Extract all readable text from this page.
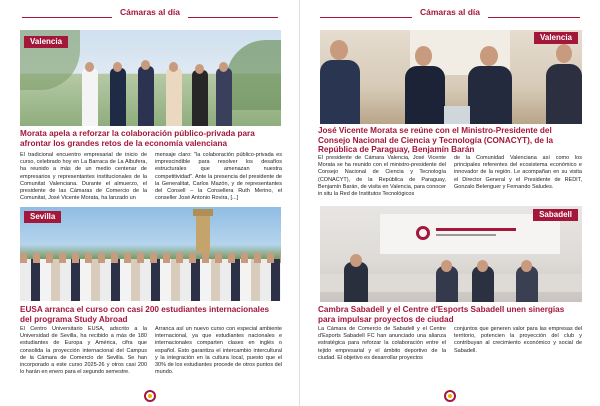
Cámaras al día
Valencia
Morata apela a reforzar la colaboración público-privada para afrontar los grandes retos de la economía valenciana
El tradicional encuentro empresarial de inicio de curso, celebrado hoy en La Barraca de La Albufera, ha reunido a más de un medio centenar de empresarios y representantes institucionales de la Comunitat Valenciana. Durante el almuerzo, el presidente de las Cámaras de Comercio de la Comunitat, José Vicente Morata, ha lanzado un
mensaje claro: "la colaboración público-privada es imprescindible para resolver los desafíos estructurales que amenazan nuestra competitividad". Ante la presencia del presidente de la Generalitat, Carlos Mazón, y de representantes del Consell – la Consellera Ruth Merino, el conseller José Antonio Rovira, [...]
Sevilla
EUSA arranca el curso con casi 200 estudiantes internacionales del programa Study Abroad
El Centro Universitario EUSA, adscrito a la Universidad de Sevilla, ha recibido a más de 180 estudiantes de Europa y América, cifra que consolida la proyección internacional del Campus de la Cámara de Comercio de Sevilla. Se han incorporado a este curso 2025-26 y otros casi 200 lo harán en enero para el segundo semestre.
Arranca así un nuevo curso con especial ambiente internacional, ya que estudiantes nacionales e internacionales comparten clases en inglés o español. Esto garantiza el intercambio intercultural y la integración en la cultura local, puesto que el 30% de los estudiantes procede de otros puntos del mundo.
Cámaras al día
Valencia
José Vicente Morata se reúne con el Ministro-Presidente del Consejo Nacional de Ciencia y Tecnología (CONACYT), de la República de Paraguay, Benjamín Barán
El presidente de Cámara Valencia, José Vicente Morata se ha reunido con el ministro-presidente del Consejo Nacional de Ciencia y Tecnología (CONACYT), de la República de Paraguay, Benjamín Barán, de visita en Valencia, para conocer in situ la Red de Institutos Tecnológicos
de la Comunidad Valenciana así como los principales referentes del ecosistema económico e innovador de la región. Le acompañan en su visita el Director General y el Presidente de REDIT, Gonzalo Belenguer y Fernando Saludes.
Sabadell
Cambra Sabadell y el Centre d'Esports Sabadell unen sinergias para impulsar proyectos de ciudad
La Cámara de Comercio de Sabadell y el Centre d'Esports Sabadell FC han anunciado una alianza estratégica para reforzar la colaboración entre el tejido empresarial y el ámbito deportivo de la ciudad. El objetivo es desarrollar proyectos
conjuntos que generen valor para las empresas del territorio, potencien la proyección del club y contribuyan al crecimiento económico y social de Sabadell.
